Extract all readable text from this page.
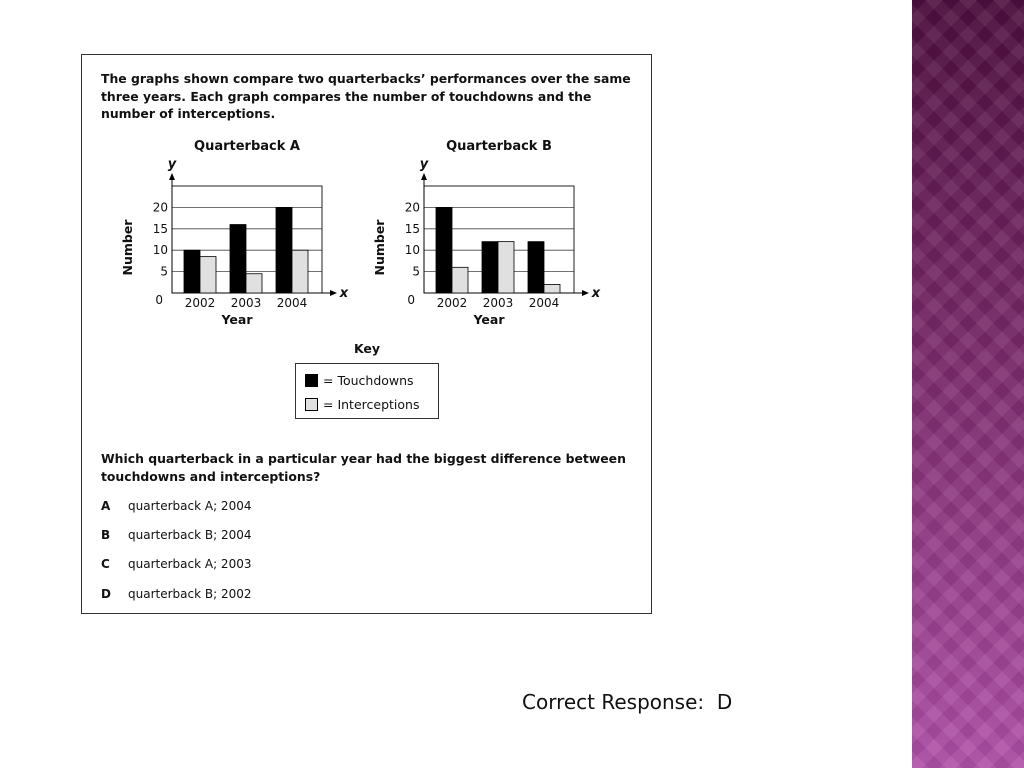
The graphs shown compare two quarterbacks’ performances over the same three years. Each graph compares the number of touchdowns and the number of interceptions.

Quarterback A
y
x
0
5
10
15
20
Number
2002 2003 2004
Year
Quarterback B
y
x
0
5
10
15
20
Number
2002 2003 2004
Year
Key
= Touchdowns
= Interceptions

Which quarterback in a particular year had the biggest difference between touchdowns and interceptions?

A	quarterback A; 2004
B	quarterback B; 2004
C	quarterback A; 2003
D	quarterback B; 2002
Correct Response:  D
